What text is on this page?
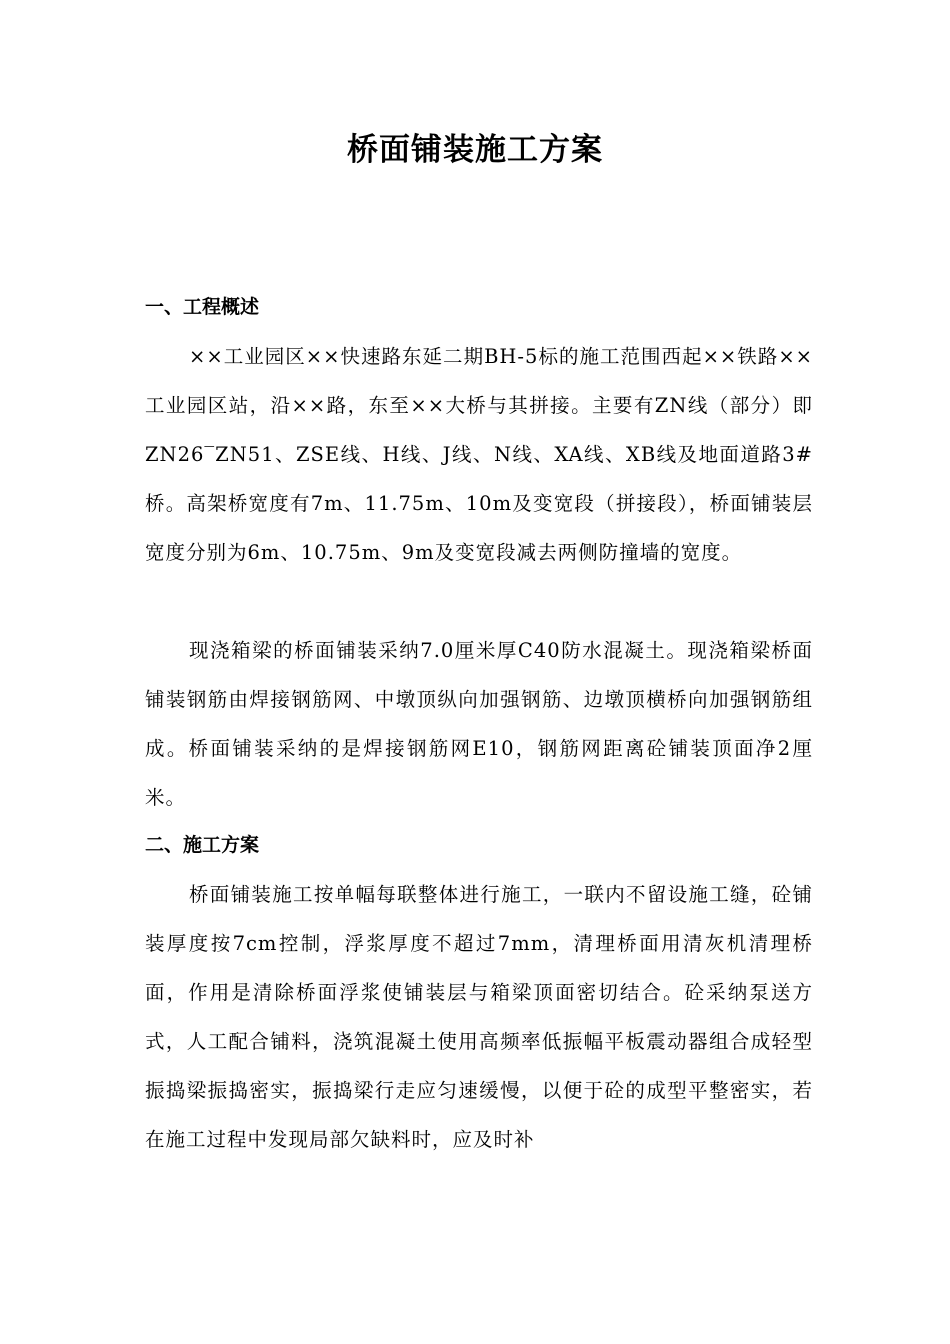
桥面铺装施工方案
一、工程概述

××工业园区××快速路东延二期BH-5标的施工范围西起××铁路××工业园区站，沿××路，东至××大桥与其拼接。主要有ZN线（部分）即ZN26‾ZN51、ZSE线、H线、J线、N线、XA线、XB线及地面道路3#桥。高架桥宽度有7m、11.75m、10m及变宽段（拼接段），桥面铺装层宽度分别为6m、10.75m、9m及变宽段减去两侧防撞墙的宽度。

现浇箱梁的桥面铺装采纳7.0厘米厚C40防水混凝土。现浇箱梁桥面铺装钢筋由焊接钢筋网、中墩顶纵向加强钢筋、边墩顶横桥向加强钢筋组成。桥面铺装采纳的是焊接钢筋网E10，钢筋网距离砼铺装顶面净2厘米。

二、施工方案

桥面铺装施工按单幅每联整体进行施工，一联内不留设施工缝，砼铺装厚度按7cm控制，浮浆厚度不超过7mm，清理桥面用清灰机清理桥面，作用是清除桥面浮浆使铺装层与箱梁顶面密切结合。砼采纳泵送方式，人工配合铺料，浇筑混凝土使用高频率低振幅平板震动器组合成轻型振捣梁振捣密实，振捣梁行走应匀速缓慢，以便于砼的成型平整密实，若在施工过程中发现局部欠缺料时，应及时补
